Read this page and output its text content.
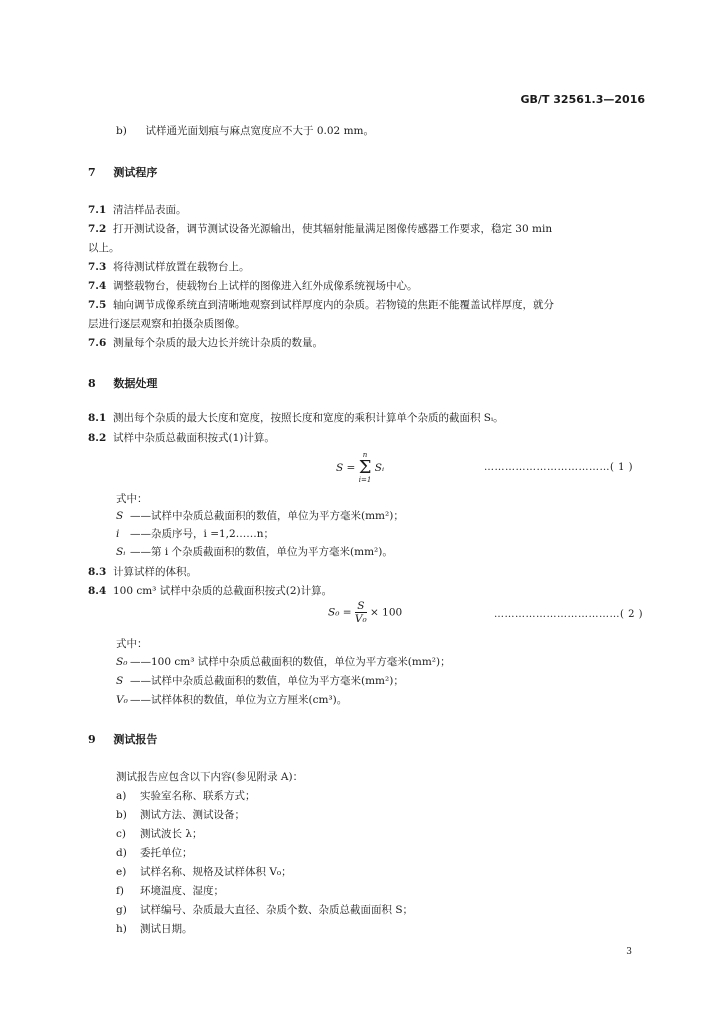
GB/T 32561.3—2016
b) 试样通光面划痕与麻点宽度应不大于 0.02 mm。
7 测试程序
7.1 清洁样品表面。
7.2 打开测试设备，调节测试设备光源输出，使其辐射能量满足图像传感器工作要求，稳定 30 min
以上。
7.3 将待测试样放置在载物台上。
7.4 调整载物台，使载物台上试样的图像进入红外成像系统视场中心。
7.5 轴向调节成像系统直到清晰地观察到试样厚度内的杂质。若物镜的焦距不能覆盖试样厚度，就分
层进行逐层观察和拍摄杂质图像。
7.6 测量每个杂质的最大边长并统计杂质的数量。
8 数据处理
8.1 测出每个杂质的最大长度和宽度，按照长度和宽度的乘积计算单个杂质的截面积 Sᵢ。
8.2 试样中杂质总截面积按式(1)计算。
S =
n
Σ
i=1
Sᵢ	………………………………( 1 )
式中：
S ——试样中杂质总截面积的数值，单位为平方毫米(mm²)；
i ——杂质序号，i =1,2……n；
Sᵢ ——第 i 个杂质截面积的数值，单位为平方毫米(mm²)。
8.3 计算试样的体积。
8.4 100 cm³ 试样中杂质的总截面积按式(2)计算。
$S_0 = \frac{S}{\text{V₀}} \times 100$	………………………………( 2 )
式中：
S₀ ——100 cm³ 试样中杂质总截面积的数值，单位为平方毫米(mm²)；
S ——试样中杂质总截面积的数值，单位为平方毫米(mm²)；
V₀ ——试样体积的数值，单位为立方厘米(cm³)。
9 测试报告
测试报告应包含以下内容(参见附录 A)：
a) 实验室名称、联系方式；
b) 测试方法、测试设备；
c) 测试波长 λ；
d) 委托单位；
e) 试样名称、规格及试样体积 V₀；
f) 环境温度、湿度；
g) 试样编号、杂质最大直径、杂质个数、杂质总截面面积 S；
h) 测试日期。
3
